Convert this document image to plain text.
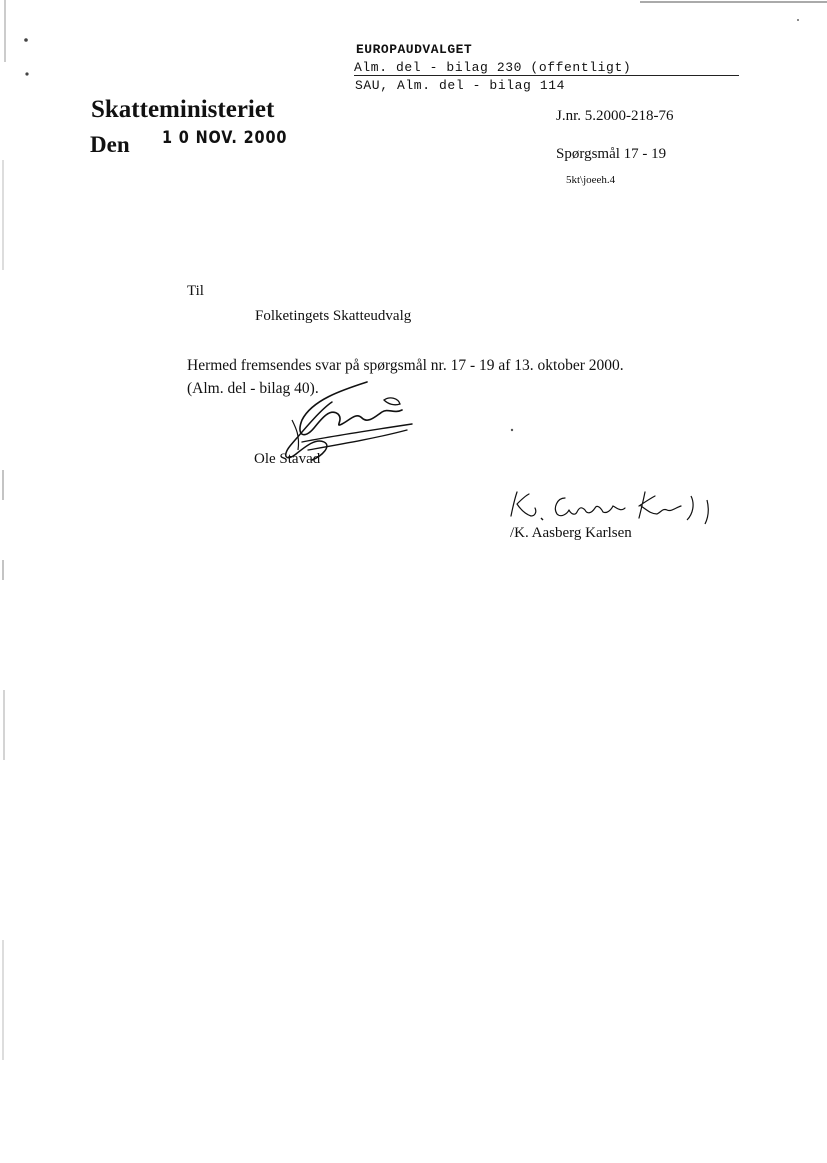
EUROPAUDVALGET
Alm. del - bilag 230 (offentligt)
SAU, Alm. del - bilag 114
Skatteministeriet
Den 1 0 NOV. 2000
J.nr. 5.2000-218-76
Spørgsmål 17 - 19
5kt\joeeh.4
Til
Folketingets Skatteudvalg
Hermed fremsendes svar på spørgsmål nr. 17 - 19 af 13. oktober 2000.
(Alm. del - bilag 40).
Ole Stavad
/K. Aasberg Karlsen
